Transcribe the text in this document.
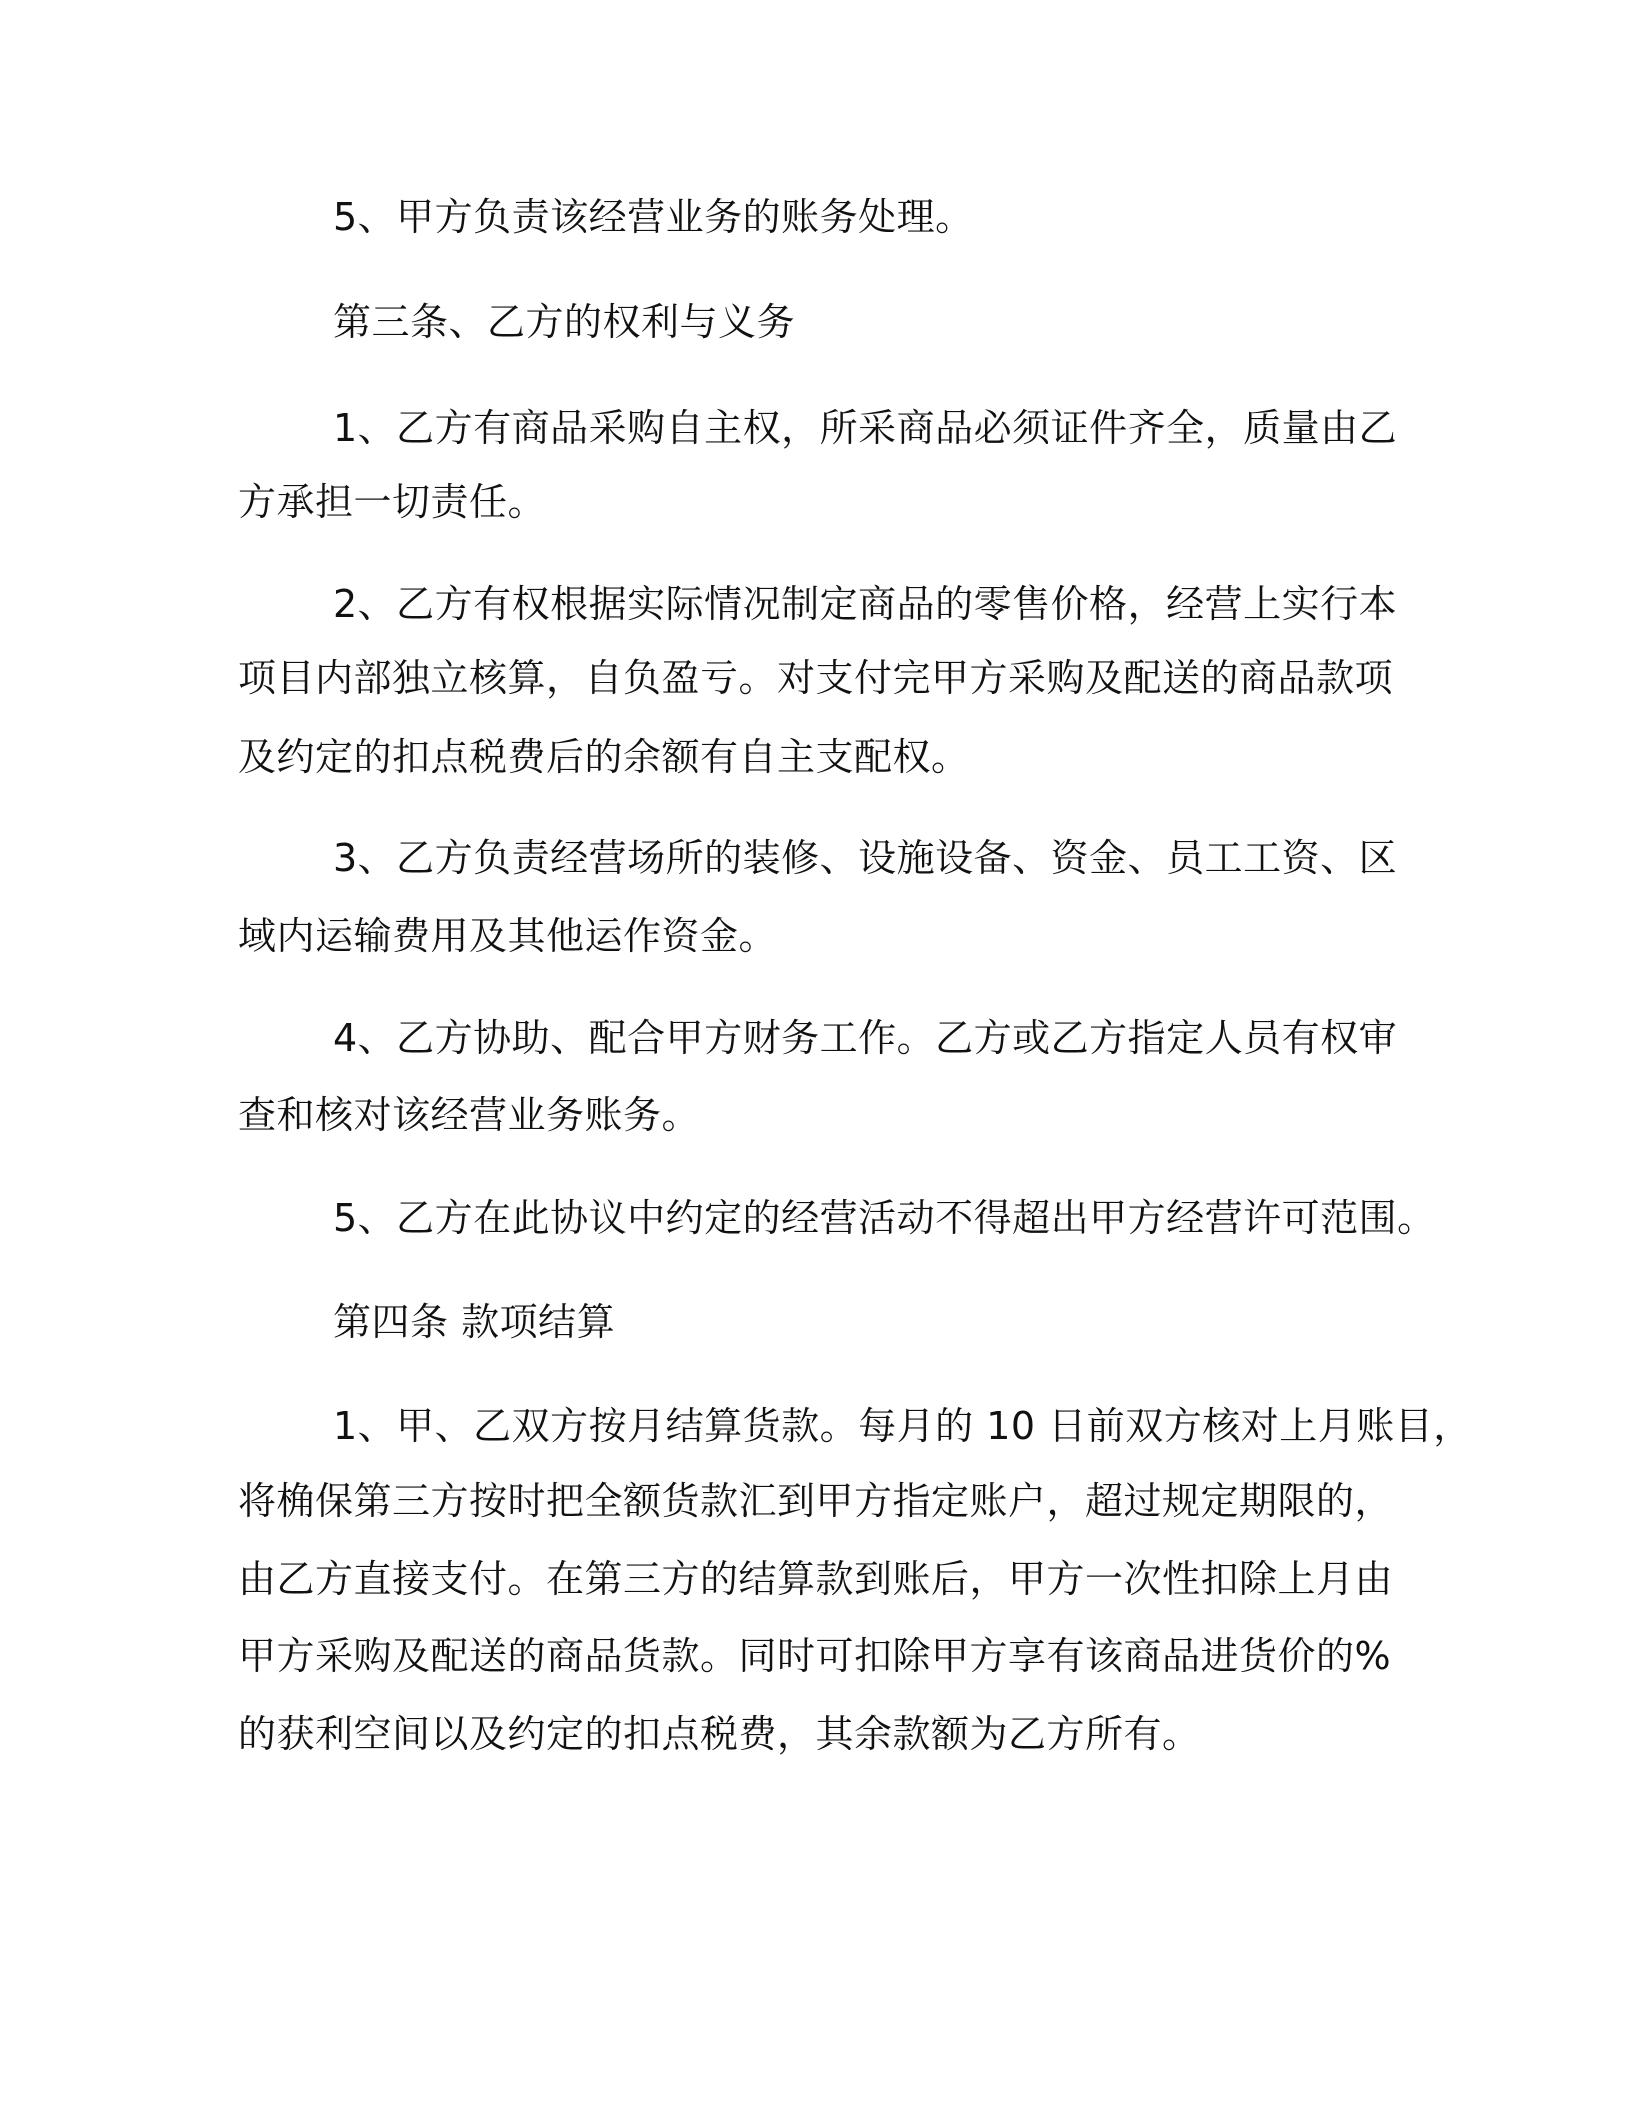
5、甲方负责该经营业务的账务处理。
第三条、乙方的权利与义务
1、乙方有商品采购自主权，所采商品必须证件齐全，质量由乙
方承担一切责任。
2、乙方有权根据实际情况制定商品的零售价格，经营上实行本
项目内部独立核算，自负盈亏。对支付完甲方采购及配送的商品款项
及约定的扣点税费后的余额有自主支配权。
3、乙方负责经营场所的装修、设施设备、资金、员工工资、区
域内运输费用及其他运作资金。
4、乙方协助、配合甲方财务工作。乙方或乙方指定人员有权审
查和核对该经营业务账务。
5、乙方在此协议中约定的经营活动不得超出甲方经营许可范围。
第四条 款项结算
1、甲、乙双方按月结算货款。每月的 10 日前双方核对上月账目，
将桷保第三方按时把全额货款汇到甲方指定账户，超过规定期限的，
由乙方直接支付。在第三方的结算款到账后，甲方一次性扣除上月由
甲方采购及配送的商品货款。同时可扣除甲方享有该商品进货价的%
的获利空间以及约定的扣点税费，其余款额为乙方所有。
